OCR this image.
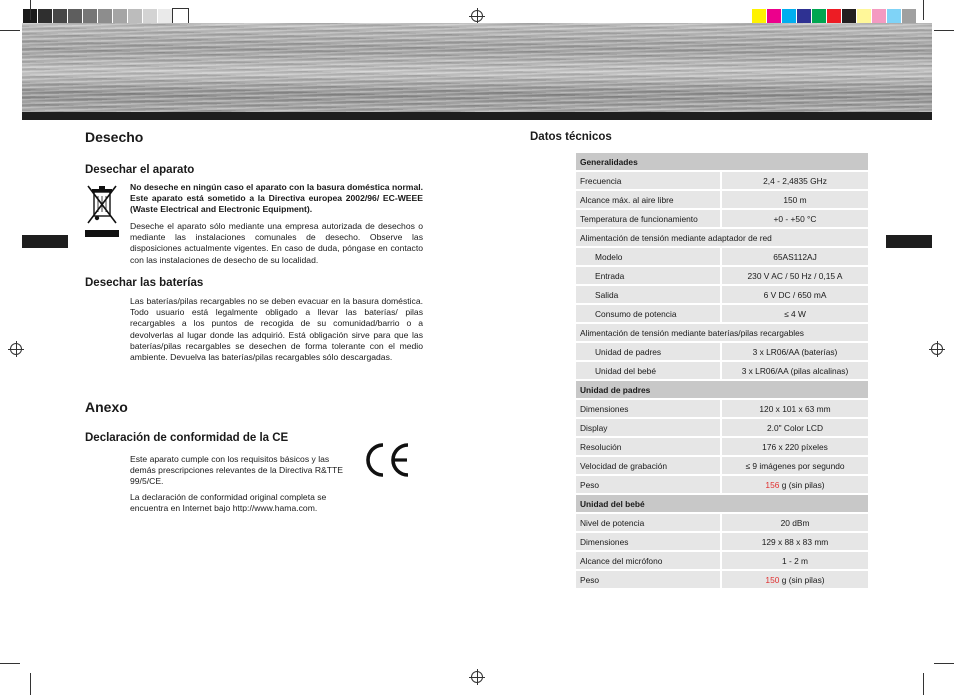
Desecho
Desechar el aparato

No deseche en ningún caso el aparato con la basura doméstica normal. Este aparato está sometido a la Directiva europea 2002/96/ EC-WEEE (Waste Electrical and Electronic Equipment).

Deseche el aparato sólo mediante una empresa autorizada de desechos o mediante las instalaciones comunales de desecho. Observe las disposiciones actualmente vigentes. En caso de duda, póngase en contacto con las instalaciones de desecho de su localidad.

Desechar las baterías

Las baterías/pilas recargables no se deben evacuar en la basura doméstica. Todo usuario está legalmente obligado a llevar las baterías/ pilas recargables a los puntos de recogida de su comunidad/barrio o a devolverlas al lugar donde las adquirió. Está obligación sirve para que las baterías/pilas recargables se desechen de forma tolerante con el medio ambiente. Devuelva las baterías/pilas recargables sólo descargadas.

Anexo
Declaración de conformidad de la CE

Este aparato cumple con los requisitos básicos y las demás prescripciones relevantes de la Directiva R&TTE 99/5/CE.

La declaración de conformidad original completa se encuentra en Internet bajo http://www.hama.com.

Datos técnicos
Generalidades	
Frecuencia	2,4 - 2,4835 GHz
Alcance máx. al aire libre	150 m
Temperatura de funcionamiento	+0 - +50 °C
Alimentación de tensión mediante adaptador de red	
Modelo	65AS112AJ
Entrada	230 V AC / 50 Hz / 0,15 A
Salida	6 V DC / 650 mA
Consumo de potencia	≤ 4 W
Alimentación de tensión mediante baterías/pilas recargables	
Unidad de padres	3 x LR06/AA (baterías)
Unidad del bebé	3 x LR06/AA (pilas alcalinas)
Unidad de padres	
Dimensiones	120 x 101 x 63 mm
Display	2.0" Color LCD
Resolución	176 x 220 píxeles
Velocidad de grabación	≤ 9 imágenes por segundo
Peso	156 g (sin pilas)
Unidad del bebé	
Nivel de potencia	20 dBm
Dimensiones	129 x 88 x 83 mm
Alcance del micrófono	1 - 2 m
Peso	150 g (sin pilas)
